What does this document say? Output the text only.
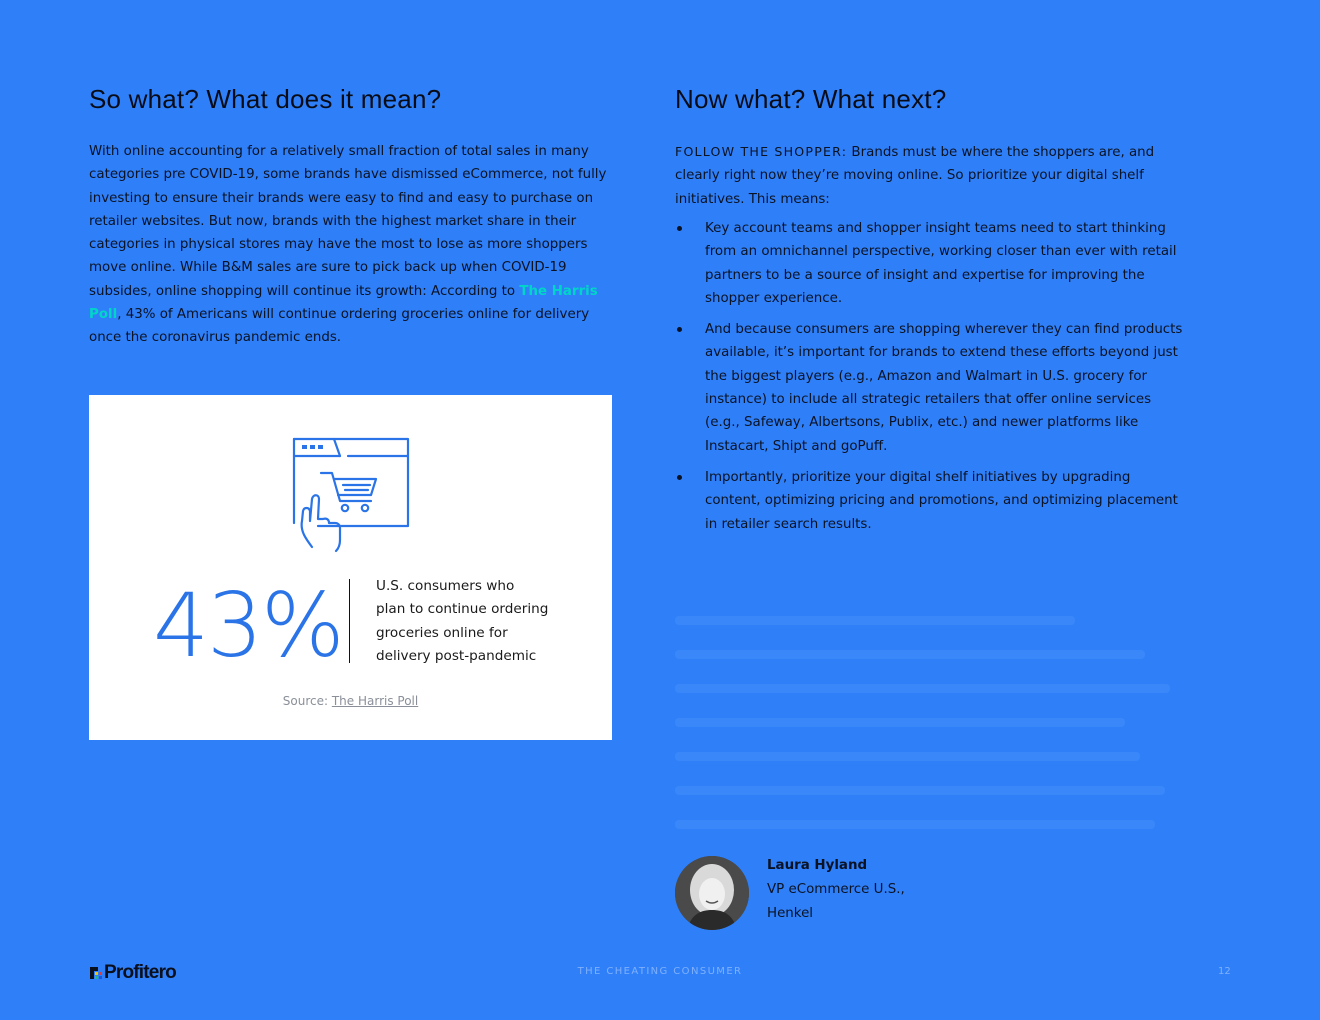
So what? What does it mean?

With online accounting for a relatively small fraction of total sales in many categories pre COVID-19, some brands have dismissed eCommerce, not fully investing to ensure their brands were easy to find and easy to purchase on retailer websites. But now, brands with the highest market share in their categories in physical stores may have the most to lose as more shoppers move online. While B&M sales are sure to pick back up when COVID-19 subsides, online shopping will continue its growth: According to The Harris Poll, 43% of Americans will continue ordering groceries online for delivery once the coronavirus pandemic ends.

43% U.S. consumers who
plan to continue ordering
groceries online for
delivery post-pandemic
Source: The Harris Poll
Now what? What next?

FOLLOW THE SHOPPER: Brands must be where the shoppers are, and clearly right now they’re moving online. So prioritize your digital shelf initiatives. This means:

Key account teams and shopper insight teams need to start thinking from an omnichannel perspective, working closer than ever with retail partners to be a source of insight and expertise for improving the shopper experience.
And because consumers are shopping wherever they can find products available, it’s important for brands to extend these efforts beyond just the biggest players (e.g., Amazon and Walmart in U.S. grocery for instance) to include all strategic retailers that offer online services (e.g., Safeway, Albertsons, Publix, etc.) and newer platforms like Instacart, Shipt and goPuff.
Importantly, prioritize your digital shelf initiatives by upgrading content, optimizing pricing and promotions, and optimizing placement in retailer search results.
Laura Hyland
VP eCommerce U.S.,
Henkel
Profitero	THE CHEATING CONSUMER	12
